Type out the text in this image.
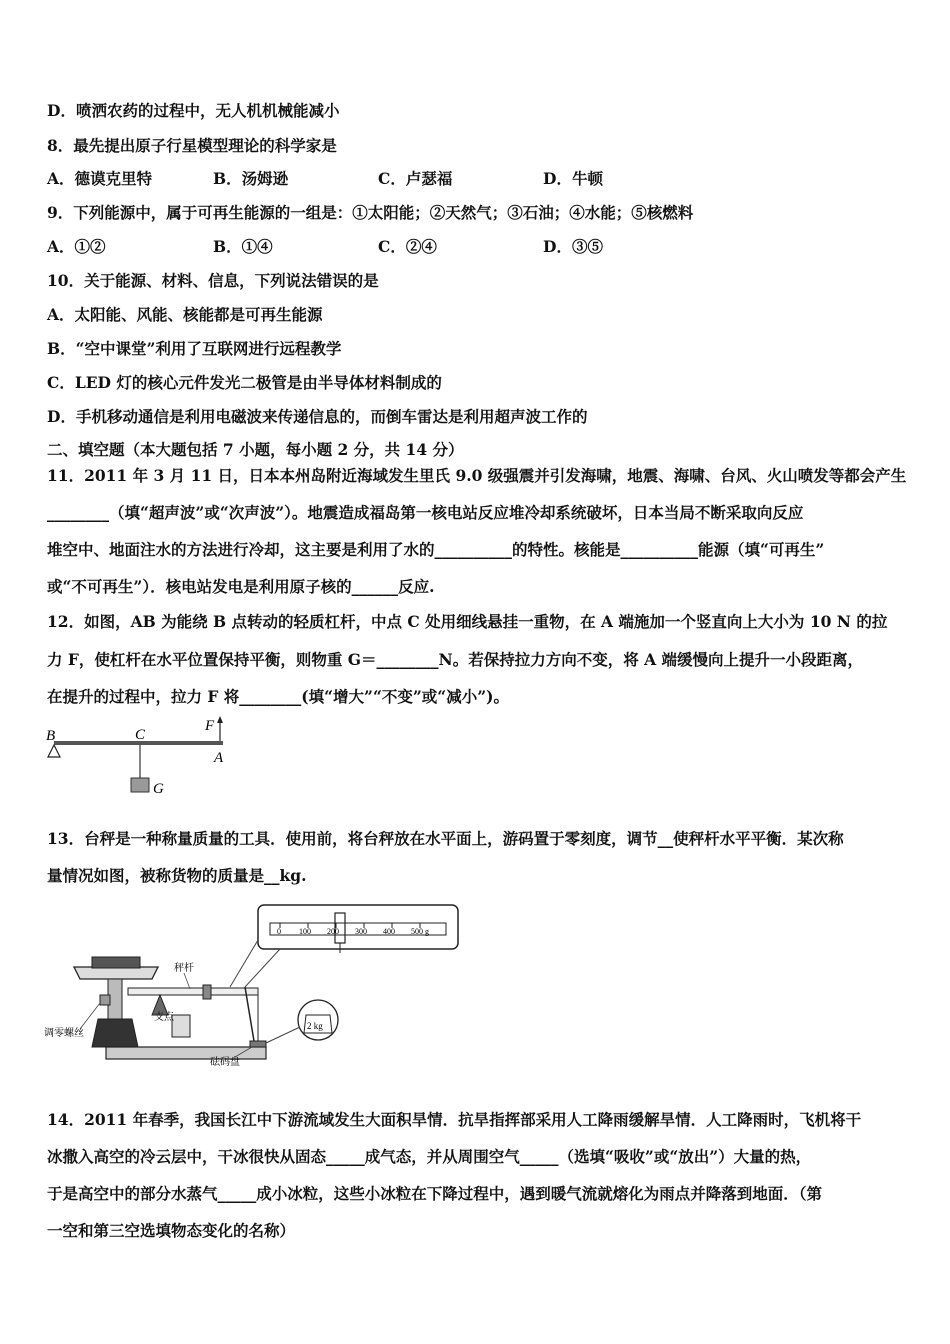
D．喷洒农药的过程中，无人机机械能减小
8．最先提出原子行星模型理论的科学家是
A．德谟克里特	B．汤姆逊	C．卢瑟福	D．牛顿
9．下列能源中，属于可再生能源的一组是：①太阳能；②天然气；③石油；④水能；⑤核燃料
A．①②	B．①④	C．②④	D．③⑤
10．关于能源、材料、信息，下列说法错误的是
A．太阳能、风能、核能都是可再生能源
B．“空中课堂”利用了互联网进行远程教学
C．LED 灯的核心元件发光二极管是由半导体材料制成的
D．手机移动通信是利用电磁波来传递信息的，而倒车雷达是利用超声波工作的
二、填空题（本大题包括 7 小题，每小题 2 分，共 14 分）
11．2011 年 3 月 11 日，日本本州岛附近海域发生里氏 9.0 级强震并引发海啸，地震、海啸、台风、火山喷发等都会产生
________（填“超声波”或“次声波”）。地震造成福岛第一核电站反应堆冷却系统破坏，日本当局不断采取向反应
堆空中、地面注水的方法进行冷却，这主要是利用了水的__________的特性。核能是__________能源（填“可再生”
或“不可再生”）．核电站发电是利用原子核的______反应.
12．如图，AB 为能绕 B 点转动的轻质杠杆，中点 C 处用细线悬挂一重物，在 A 端施加一个竖直向上大小为 10 N 的拉
力 F，使杠杆在水平位置保持平衡，则物重 G＝________N。若保持拉力方向不变，将 A 端缓慢向上提升一小段距离，
在提升的过程中，拉力 F 将________(填“增大”“不变”或“减小”)。
B	C
F
A
G
13．台秤是一种称量质量的工具．使用前，将台秤放在水平面上，游码置于零刻度，调节__使秤杆水平平衡．某次称
量情况如图，被称货物的质量是__kg.
0 100 200 300 400 500 g
2 kg
秤杆
支点
调零螺丝
砝码盘
14．2011 年春季，我国长江中下游流域发生大面积旱情．抗旱指挥部采用人工降雨缓解旱情．人工降雨时，飞机将干
冰撒入高空的冷云层中，干冰很快从固态_____成气态，并从周围空气_____（选填“吸收”或“放出”）大量的热，
于是高空中的部分水蒸气_____成小冰粒，这些小冰粒在下降过程中，遇到暖气流就熔化为雨点并降落到地面．（第
一空和第三空选填物态变化的名称）
